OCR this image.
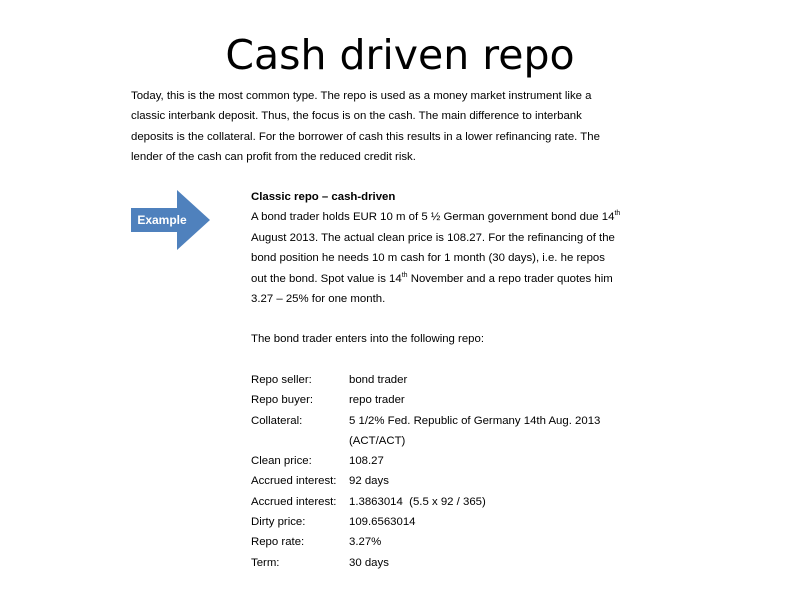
Cash driven repo

Today, this is the most common type. The repo is used as a money market instrument like a classic interbank deposit. Thus, the focus is on the cash. The main difference to interbank deposits is the collateral. For the borrower of cash this results in a lower refinancing rate. The lender of the cash can profit from the reduced credit risk.

Example

Classic repo – cash-driven

A bond trader holds EUR 10 m of 5 ½ German government bond due 14th August 2013. The actual clean price is 108.27. For the refinancing of the bond position he needs 10 m cash for 1 month (30 days), i.e. he repos out the bond. Spot value is 14th November and a repo trader quotes him 3.27 – 25% for one month.

The bond trader enters into the following repo:

Repo seller:	bond trader
Repo buyer:	repo trader
Collateral:	5 1/2% Fed. Republic of Germany 14th Aug. 2013
	(ACT/ACT)
Clean price:	108.27
Accrued interest:	92 days
Accrued interest:	1.3863014  (5.5 x 92 / 365)
Dirty price:	109.6563014
Repo rate:	3.27%
Term:	30 days
